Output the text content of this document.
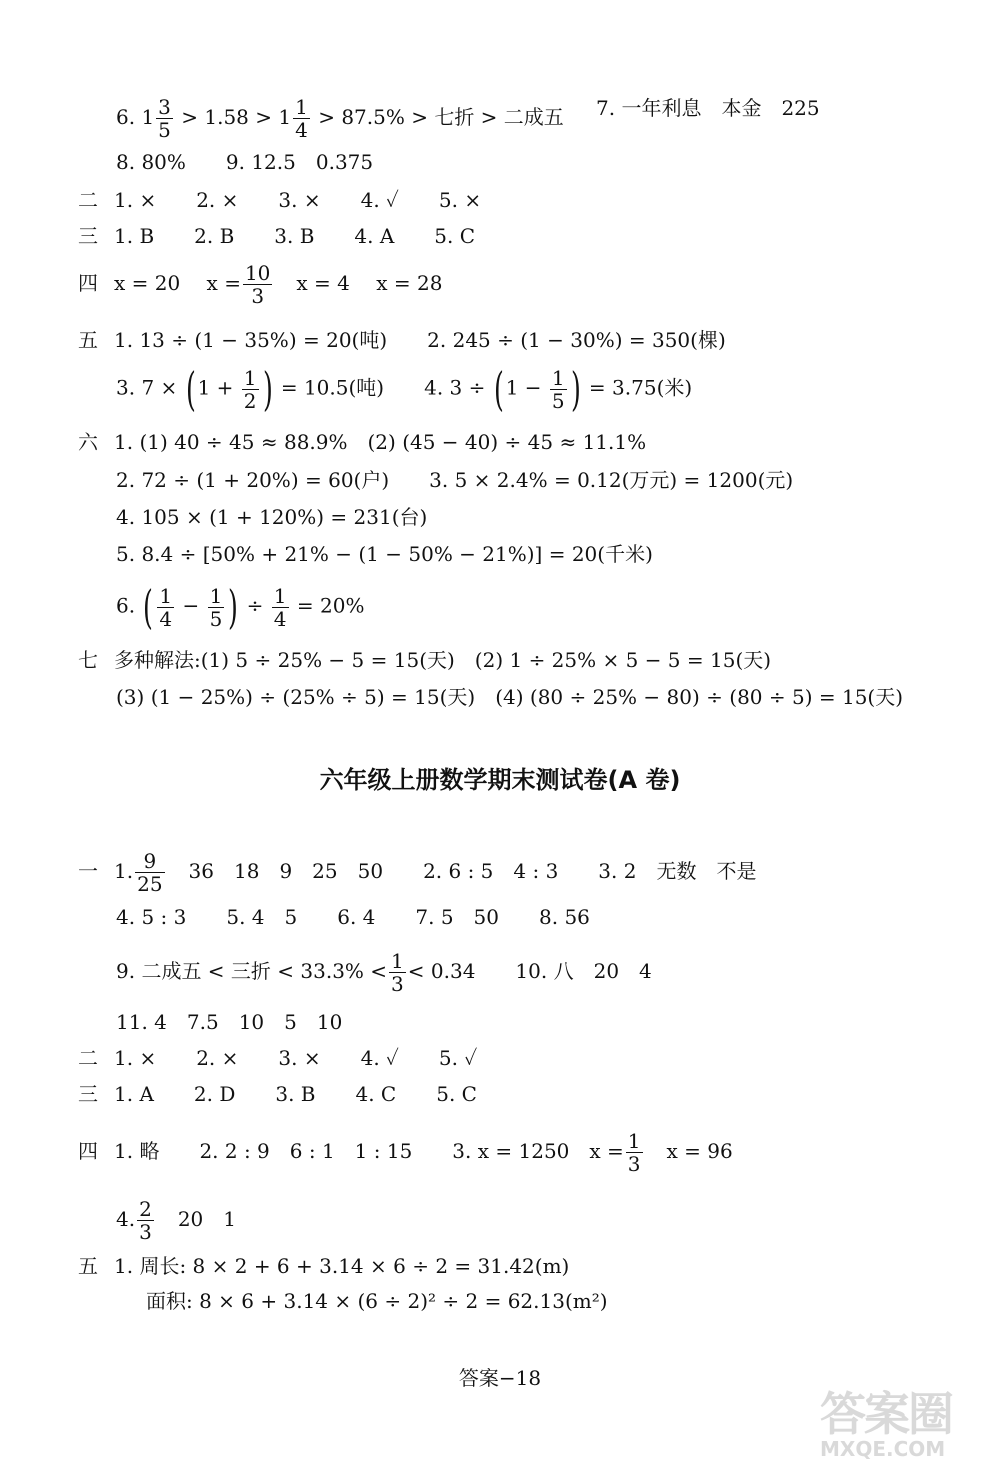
6. $1 \frac{3}{5} > 1.58 > 1 \frac{1}{4} > 87.5\%$ > 七折 > 二成五 7. 一年利息　本金　225
8. 80%　　9. 12.5　0.375
二 1. ×　　2. ×　　3. ×　　4. ✓　　5. ×
三 1. B　　2. B　　3. B　　4. A　　5. C
四 x = 20　 $x = \frac{10}{3}$ x = 4　 x = 28
五 1. 13 ÷ (1 − 35%) = 20(吨) 2. 245 ÷ (1 − 30%) = 350(棵)
3. 7 × ( $1 + \frac{1}{2}$ ) = 10.5(吨) 4. 3 ÷ ( $1 - \frac{1}{5}$ ) = 3.75(米)
六 1. (1) 40 ÷ 45 ≈ 88.9%　(2) (45 − 40) ÷ 45 ≈ 11.1%
2. 72 ÷ (1 + 20%) = 60(户)　　3. 5 × 2.4% = 0.12(万元) = 1200(元)
4. 105 × (1 + 120%) = 231(台)
5. 8.4 ÷ [50% + 21% − (1 − 50% − 21%)] = 20(千米)
6. ( $\frac{1}{4} - \frac{1}{5}$ ) ÷ $\frac{1}{4} = 20\%$
七 多种解法:(1) 5 ÷ 25% − 5 = 15(天)　(2) 1 ÷ 25% × 5 − 5 = 15(天)
(3) (1 − 25%) ÷ (25% ÷ 5) = 15(天)　(4) (80 ÷ 25% − 80) ÷ (80 ÷ 5) = 15(天)
六年级上册数学期末测试卷(A 卷)
一 1. $\frac{9}{25} 36$　18　9　25　50　　2. 6 : 5　4 : 3　　3. 2　无数　不是
4. 5 : 3　　5. 4　5　　6. 4　　7. 5　50　　8. 56
9. 二成五 < 三折 < $33.3\% < \frac{1}{3} < 0.34$　　10. 八　20　4
11. 4　7.5　10　5　10
二 1. ×　　2. ×　　3. ×　　4. ✓　　5. ✓
三 1. A　　2. D　　3. B　　4. C　　5. C
四 1. 略　　2. 2 : 9　6 : 1　1 : 15　　3. x = 1250　$x = \frac{1}{3}$ x = 96
4. $\frac{2}{3} 20$　1
五 1. 周长: 8 × 2 + 6 + 3.14 × 6 ÷ 2 = 31.42(m)
面积: 8 × 6 + 3.14 × (6 ÷ 2)² ÷ 2 = 62.13(m²)
答案−18
答案圈
MXQE.COM
